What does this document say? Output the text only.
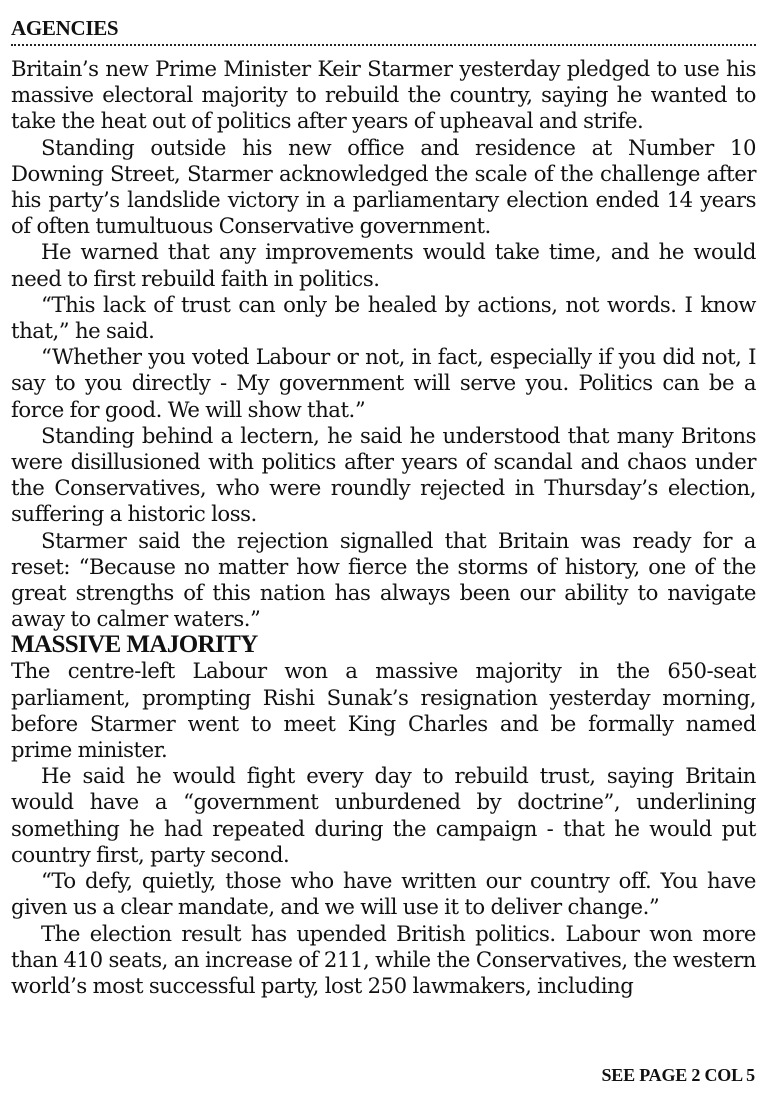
AGENCIES

Britain’s new Prime Minister Keir Starmer yesterday pledged to use his massive electoral majority to rebuild the country, saying he wanted to take the heat out of politics after years of upheaval and strife.

Standing outside his new office and residence at Number 10 Downing Street, Starmer acknowledged the scale of the challenge after his party’s landslide victory in a parliamentary election ended 14 years of often tumultuous Conservative government.

He warned that any improvements would take time, and he would need to first rebuild faith in politics.

“This lack of trust can only be healed by actions, not words. I know that,” he said.

“Whether you voted Labour or not, in fact, especially if you did not, I say to you directly - My government will serve you. Politics can be a force for good. We will show that.”

Standing behind a lectern, he said he understood that many Britons were disillusioned with politics after years of scandal and chaos under the Conservatives, who were roundly rejected in Thursday’s election, suffering a historic loss.

Starmer said the rejection signalled that Britain was ready for a reset: “Because no matter how fierce the storms of history, one of the great strengths of this nation has always been our ability to navigate away to calmer waters.”

MASSIVE MAJORITY

The centre-left Labour won a massive majority in the 650-seat parliament, prompting Rishi Sunak’s resignation yesterday morning, before Starmer went to meet King Charles and be formally named prime minister.

He said he would fight every day to rebuild trust, saying Britain would have a “government unburdened by doctrine”, underlining something he had repeated during the campaign - that he would put country first, party second.

“To defy, quietly, those who have written our country off. You have given us a clear mandate, and we will use it to deliver change.”

The election result has upended British politics. Labour won more than 410 seats, an increase of 211, while the Conservatives, the western world’s most successful party, lost 250 lawmakers, including

SEE PAGE 2 COL 5
